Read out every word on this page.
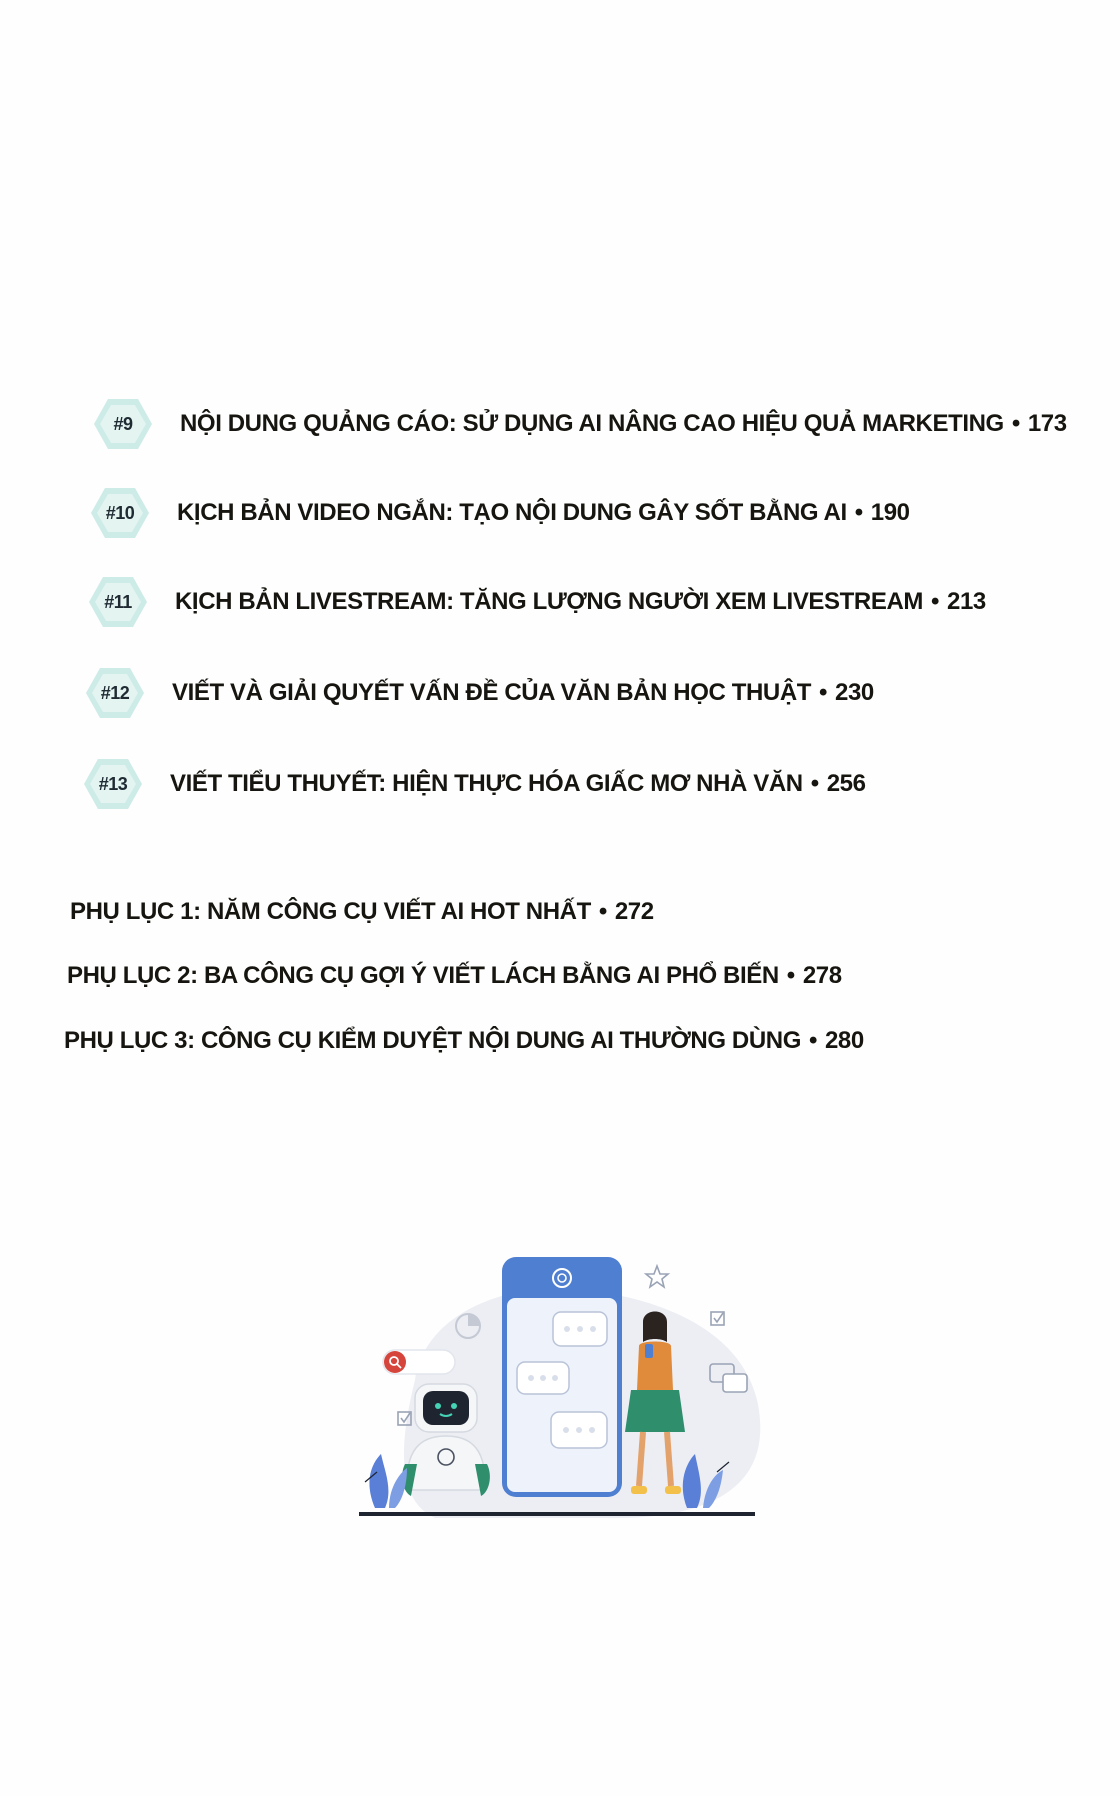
#9	NỘI DUNG QUẢNG CÁO: SỬ DỤNG AI NÂNG CAO HIỆU QUẢ MARKETING • 173
#10	KỊCH BẢN VIDEO NGẮN: TẠO NỘI DUNG GÂY SỐT BẰNG AI • 190
#11	KỊCH BẢN LIVESTREAM: TĂNG LƯỢNG NGƯỜI XEM LIVESTREAM • 213
#12	VIẾT VÀ GIẢI QUYẾT VẤN ĐỀ CỦA VĂN BẢN HỌC THUẬT • 230
#13	VIẾT TIỂU THUYẾT: HIỆN THỰC HÓA GIẤC MƠ NHÀ VĂN • 256
PHỤ LỤC 1: NĂM CÔNG CỤ VIẾT AI HOT NHẤT • 272
PHỤ LỤC 2: BA CÔNG CỤ GỢI Ý VIẾT LÁCH BẰNG AI PHỔ BIẾN • 278
PHỤ LỤC 3: CÔNG CỤ KIỂM DUYỆT NỘI DUNG AI THƯỜNG DÙNG • 280
